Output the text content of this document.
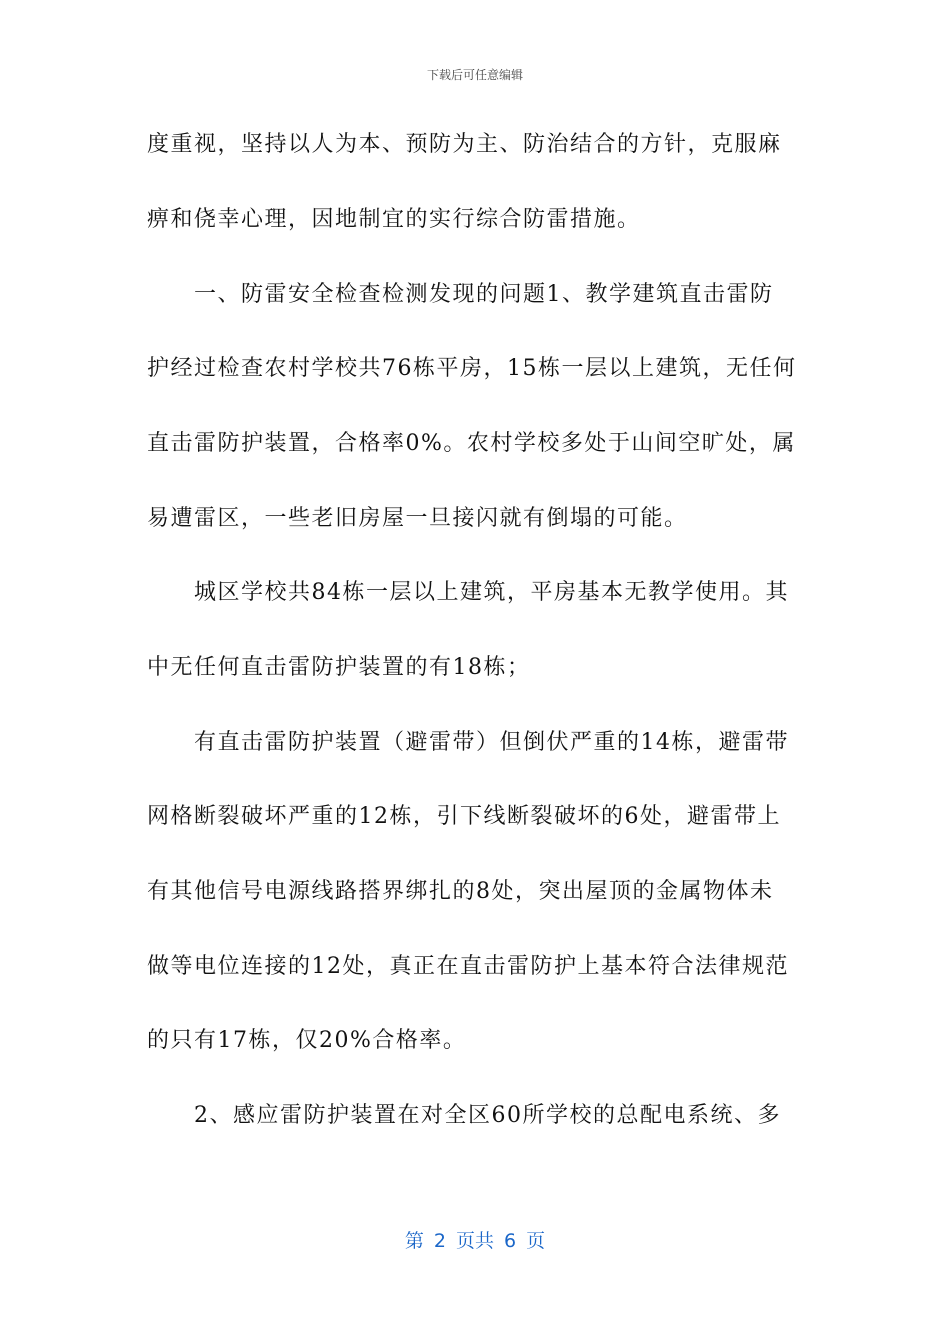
下载后可任意编辑
度重视，坚持以人为本、预防为主、防治结合的方针，克服麻
痹和侥幸心理，因地制宜的实行综合防雷措施。
　　一、防雷安全检查检测发现的问题1、教学建筑直击雷防
护经过检查农村学校共76栋平房，15栋一层以上建筑，无任何
直击雷防护装置，合格率0%。农村学校多处于山间空旷处，属
易遭雷区，一些老旧房屋一旦接闪就有倒塌的可能。
　　城区学校共84栋一层以上建筑，平房基本无教学使用。其
中无任何直击雷防护装置的有18栋；
　　有直击雷防护装置（避雷带）但倒伏严重的14栋，避雷带
网格断裂破坏严重的12栋，引下线断裂破坏的6处，避雷带上
有其他信号电源线路搭界绑扎的8处，突出屋顶的金属物体未
做等电位连接的12处，真正在直击雷防护上基本符合法律规范
的只有17栋，仅20%合格率。
　　2、感应雷防护装置在对全区60所学校的总配电系统、多
第 2 页共 6 页
